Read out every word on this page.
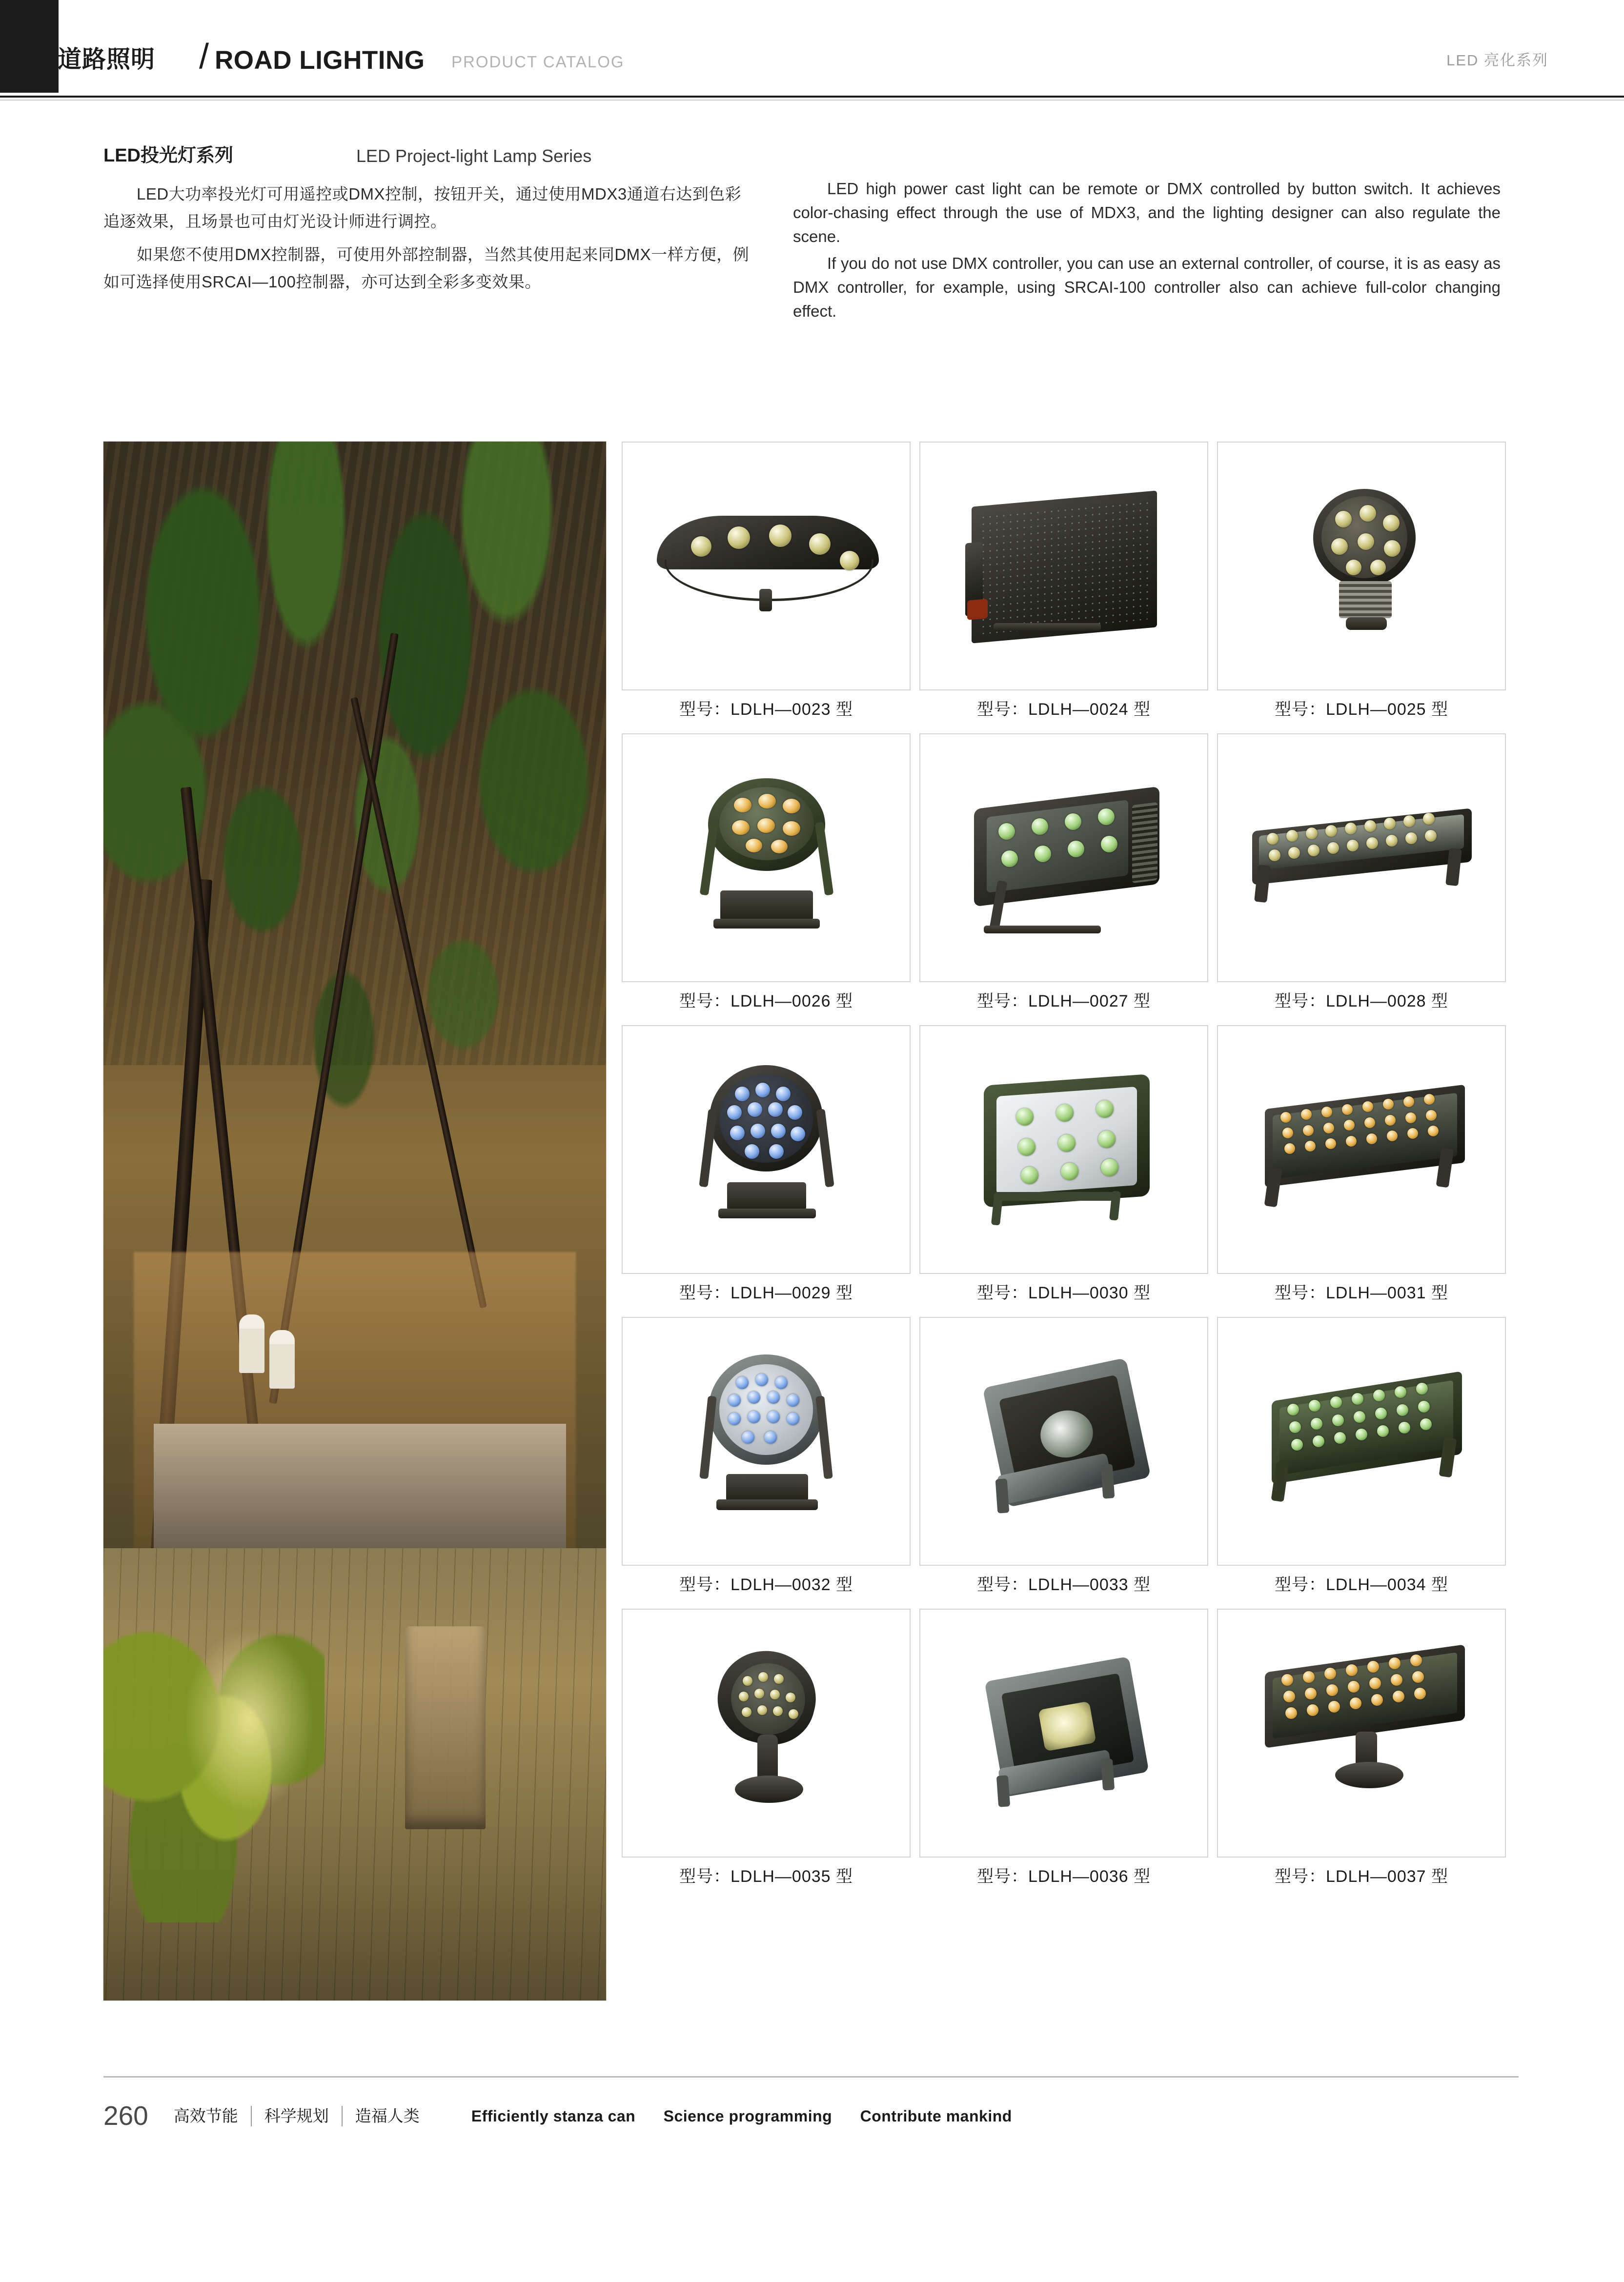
道路照明 / ROAD LIGHTING PRODUCT CATALOG	LED 亮化系列
LED投光灯系列	LED Project-light Lamp Series

LED大功率投光灯可用遥控或DMX控制，按钮开关，通过使用MDX3通道右达到色彩追逐效果，且场景也可由灯光设计师进行调控。

如果您不使用DMX控制器，可使用外部控制器，当然其使用起来同DMX一样方便，例如可选择使用SRCAI—100控制器，亦可达到全彩多变效果。

LED high power cast light can be remote or DMX controlled by button switch. It achieves color-chasing effect through the use of MDX3, and the lighting designer can also regulate the scene.

If you do not use DMX controller, you can use an external controller, of course, it is as easy as DMX controller, for example, using SRCAI-100 controller also can achieve full-color changing effect.

型号：LDLH—0023 型	型号：LDLH—0024 型	型号：LDLH—0025 型
型号：LDLH—0026 型	型号：LDLH—0027 型	型号：LDLH—0028 型
型号：LDLH—0029 型	型号：LDLH—0030 型	型号：LDLH—0031 型
型号：LDLH—0032 型	型号：LDLH—0033 型	型号：LDLH—0034 型
型号：LDLH—0035 型	型号：LDLH—0036 型	型号：LDLH—0037 型
260	高效节能	科学规划	造福人类	Efficiently stanza can Science programming Contribute mankind
